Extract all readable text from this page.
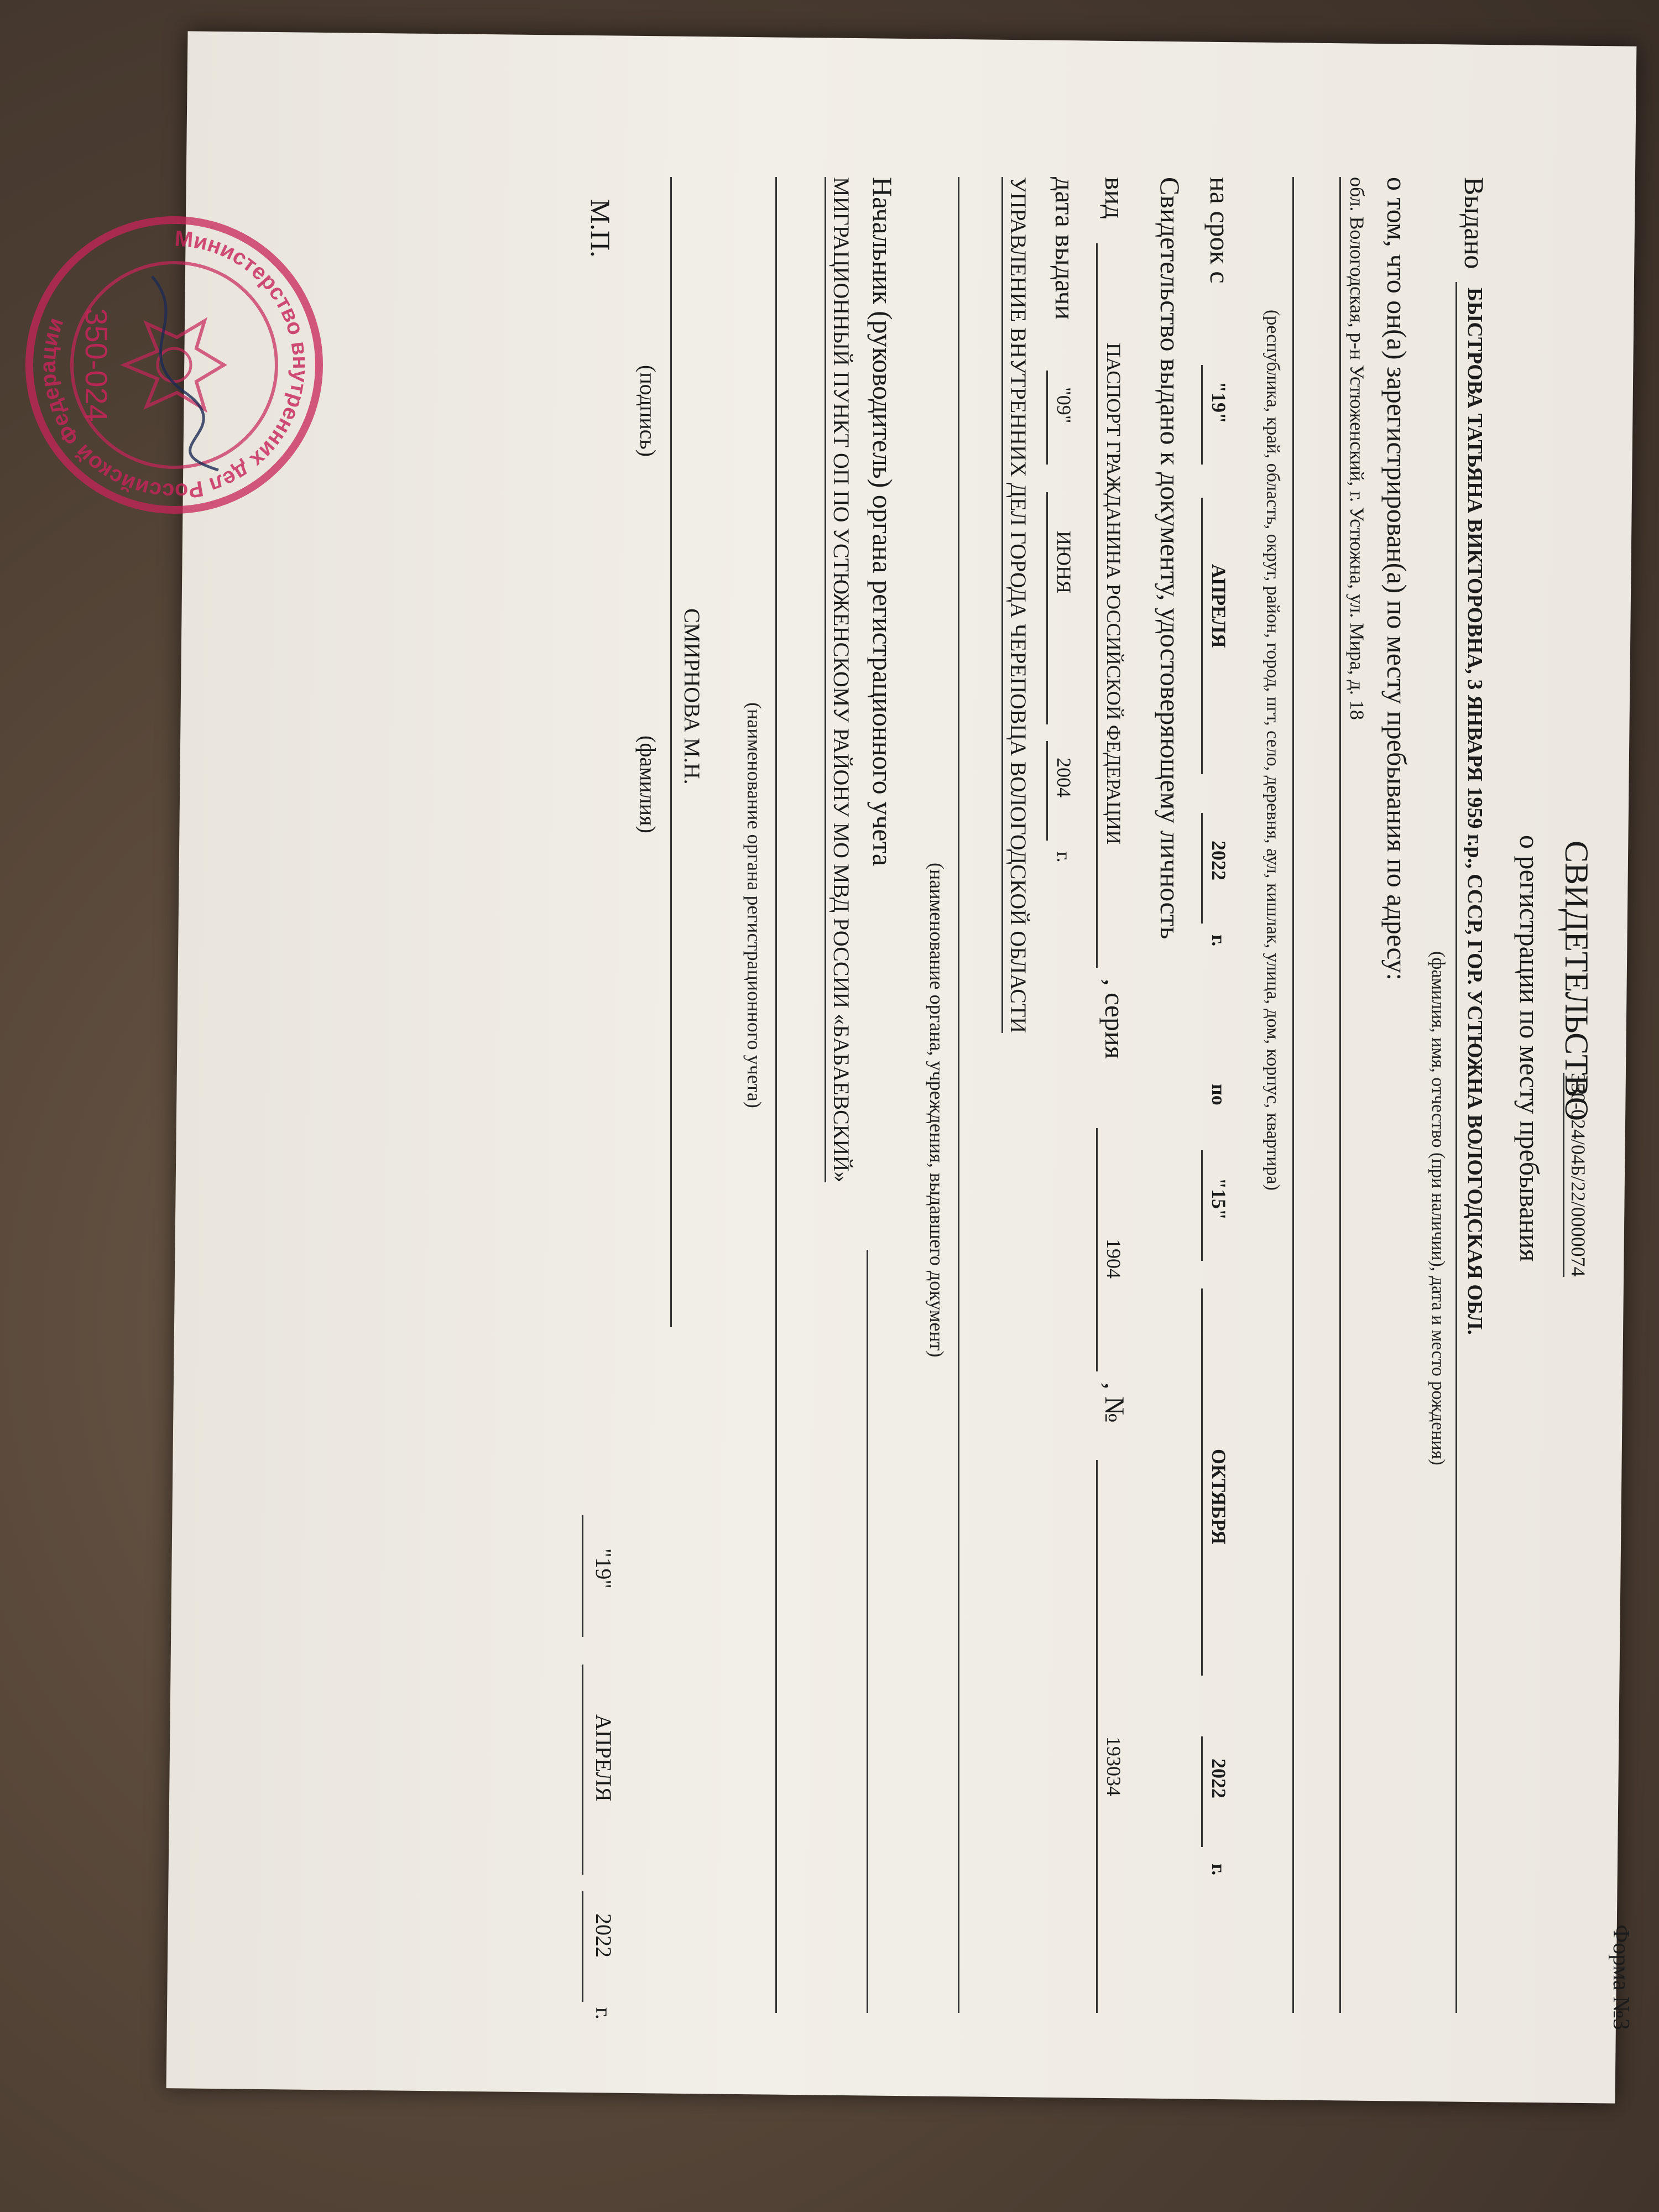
Форма №3
СВИДЕТЕЛЬСТВО
350-024/04Б/22/0000074
о регистрации по месту пребывания
Выдано
БЫСТРОВА ТАТЬЯНА ВИКТОРОВНА, 3 ЯНВАРЯ 1959 г.р., СССР, ГОР. УСТЮЖНА ВОЛОГОДСКАЯ ОБЛ.
(фамилия, имя, отчество (при наличии), дата и место рождения)
о том, что он(а) зарегистрирован(а) по месту пребывания по адресу:
обл. Вологодская, р-н Устюженский, г. Устюжна, ул. Мира, д. 18
(республика, край, область, округ, район, город, пгт, село, деревня, аул, кишлак, улица, дом, корпус, квартира)
на срок с
"19"
АПРЕЛЯ
2022
г.
по
"15"
ОКТЯБРЯ
2022
г.
Свидетельство выдано к документу, удостоверяющему личность
вид
ПАСПОРТ ГРАЖДАНИНА РОССИЙСКОЙ ФЕДЕРАЦИИ
, серия
1904
, №
193034
дата выдачи
"09"
ИЮНЯ
2004
г.
УПРАВЛЕНИЕ ВНУТРЕННИХ ДЕЛ ГОРОДА ЧЕРЕПОВЦА ВОЛОГОДСКОЙ ОБЛАСТИ
(наименование органа, учреждения, выдавшего документ)
Начальник (руководитель) органа регистрационного учета
МИГРАЦИОННЫЙ ПУНКТ ОП ПО УСТЮЖЕНСКОМУ РАЙОНУ МО МВД РОССИИ «БАБАЕВСКИЙ»
(наименование органа регистрационного учета)
(подпись)
СМИРНОВА М.Н.
(фамилия)
М.П.
"19"
АПРЕЛЯ
2022
г.
Министерство внутренних дел Российской Федерации 350-024
